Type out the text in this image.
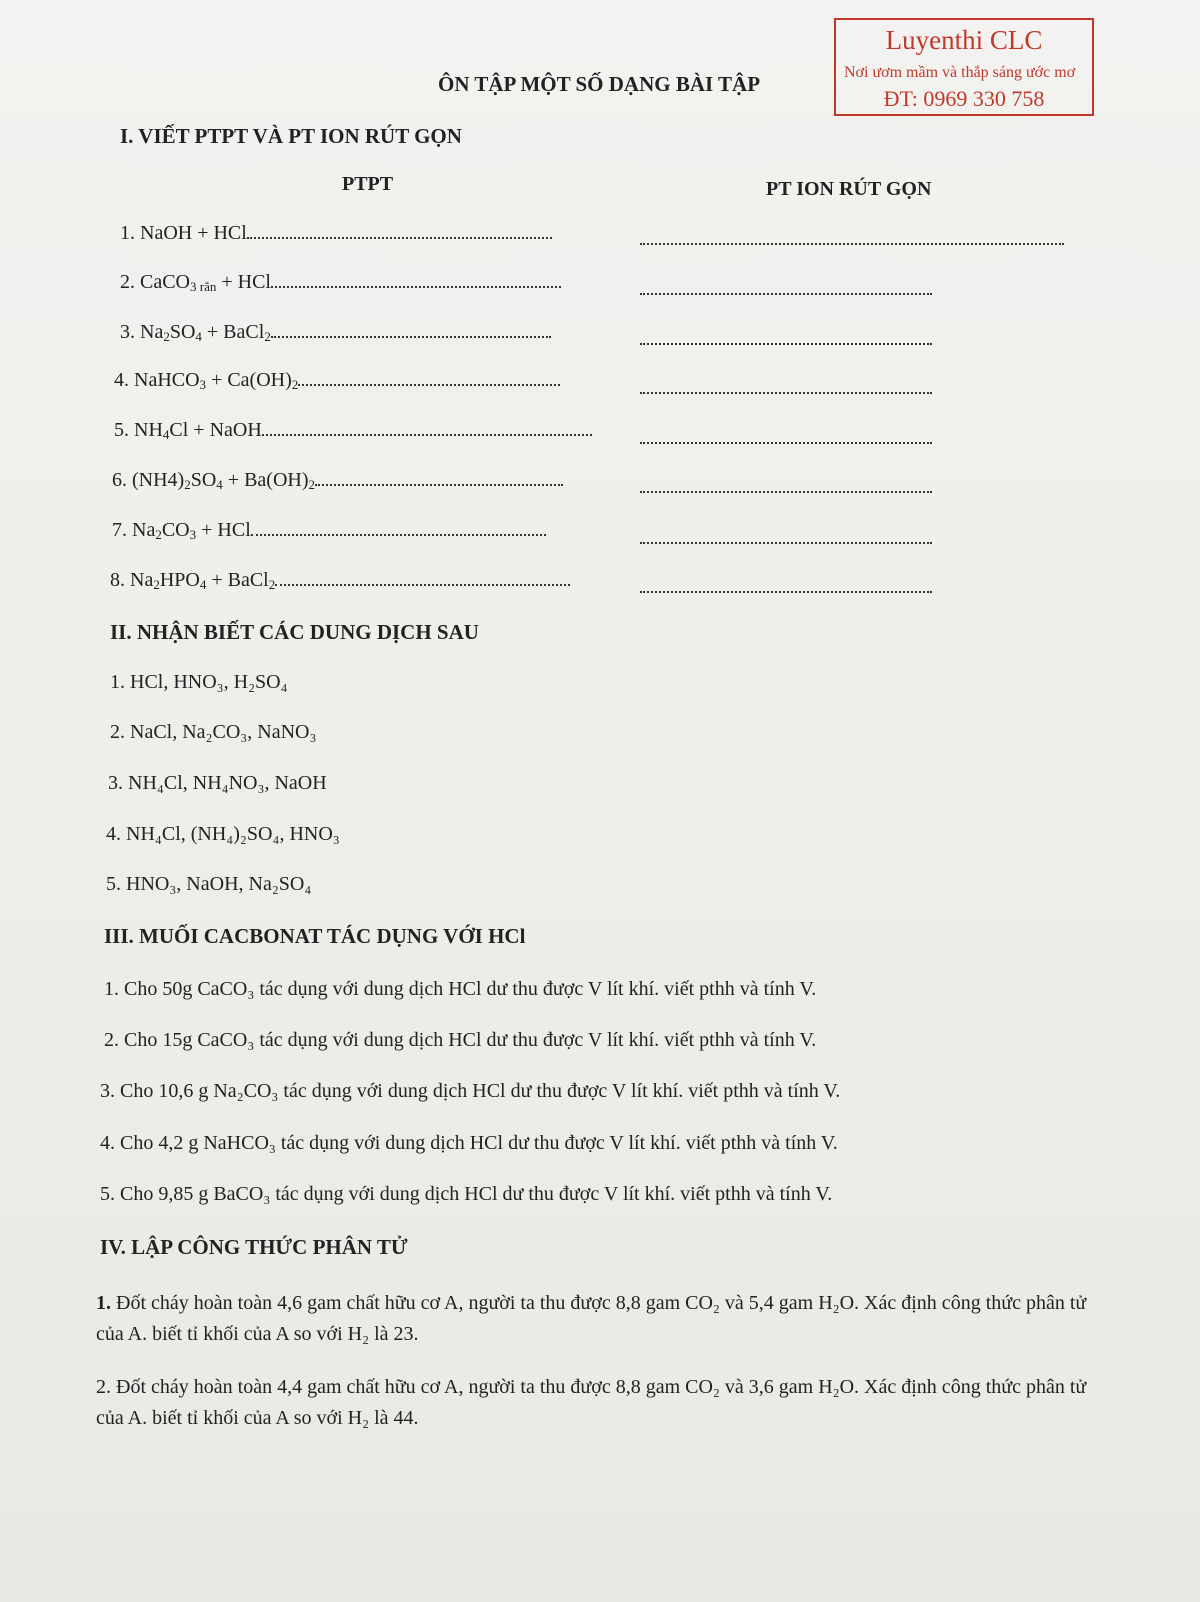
Luyenthi CLC
Nơi ươm mầm và thắp sáng ước mơ
ĐT: 0969 330 758
ÔN TẬP MỘT SỐ DẠNG BÀI TẬP
I. VIẾT PTPT VÀ PT ION RÚT GỌN
PTPT	PT ION RÚT GỌN
1. NaOH + HCl
2. CaCO$_{3 rắn}$ + HCl
3. $Na_2SO_4$ + BaCl$_2$
4. NaHCO$_3$ + $Ca(OH)_2$
5. $NH_4Cl$ + NaOH
6. $(NH4)_2SO_4 + Ba(OH)_2$
7. $Na_2CO_3$ + HCl
8. $Na_2HPO_4$ + BaCl$_2$
II. NHẬN BIẾT CÁC DUNG DỊCH SAU
1. HCl, HNO₃, H₂SO₄
2. NaCl, Na₂CO₃, NaNO₃
3. NH₄Cl, NH₄NO₃, NaOH
4. NH₄Cl, (NH₄)₂SO₄, HNO₃
5. HNO₃, NaOH, Na₂SO₄
III. MUỐI CACBONAT TÁC DỤNG VỚI HCl
1. Cho 50g CaCO₃ tác dụng với dung dịch HCl dư thu được V lít khí. viết pthh và tính V.
2. Cho 15g CaCO₃ tác dụng với dung dịch HCl dư thu được V lít khí. viết pthh và tính V.
3. Cho 10,6 g Na₂CO₃ tác dụng với dung dịch HCl dư thu được V lít khí. viết pthh và tính V.
4. Cho 4,2 g NaHCO₃ tác dụng với dung dịch HCl dư thu được V lít khí. viết pthh và tính V.
5. Cho 9,85 g BaCO₃ tác dụng với dung dịch HCl dư thu được V lít khí. viết pthh và tính V.
IV. LẬP CÔNG THỨC PHÂN TỬ
1. Đốt cháy hoàn toàn 4,6 gam chất hữu cơ A, người ta thu được 8,8 gam CO₂ và 5,4 gam H₂O. Xác định công thức phân tử của A. biết tỉ khối của A so với H₂ là 23.
2. Đốt cháy hoàn toàn 4,4 gam chất hữu cơ A, người ta thu được 8,8 gam CO₂ và 3,6 gam H₂O. Xác định công thức phân tử của A. biết tỉ khối của A so với H₂ là 44.
